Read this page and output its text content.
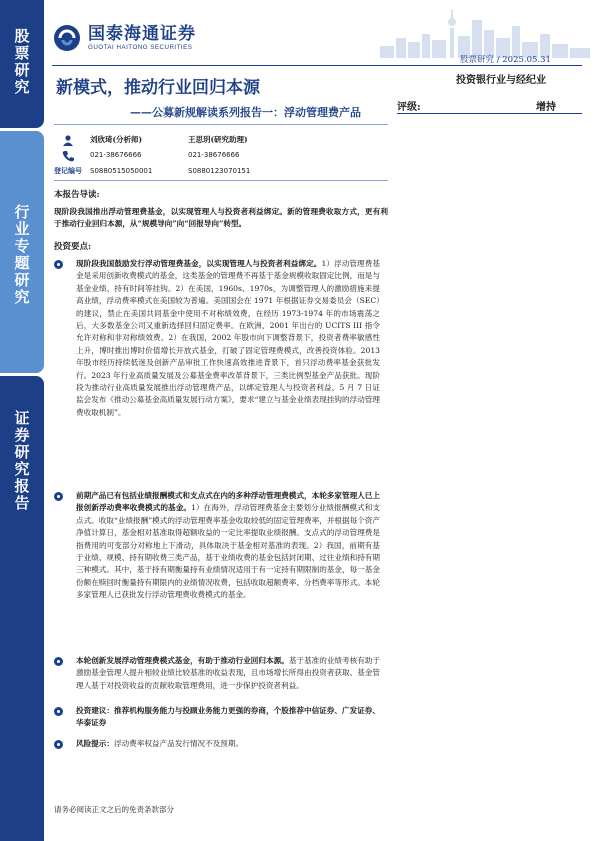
股
票
研
究
行
业
专
题
研
究
证
券
研
究
报
告
国泰海通证券
GUOTAI HAITONG SECURITIES
股票研究 / 2025.05.31
新模式，推动行业回归本源	投资银行业与经纪业
——公募新规解读系列报告一：浮动管理费产品	评级:	增持
刘欣琦(分析师)	王思玥(研究助理)
021-38676666	021-38676666
登记编号 S0880515050001	S0880123070151
本报告导读:
现阶段我国推出浮动管理费基金，以实现管理人与投资者利益绑定。新的管理费收取方式，更有利于推动行业回归本源，从“规模导向”向“回报导向”转型。
投资要点:
现阶段我国鼓励发行浮动管理费基金，以实现管理人与投资者利益绑定。1）浮动管理费基金是采用创新收费模式的基金，这类基金的管理费不再基于基金规模收取固定比例，而是与基金业绩、持有时间等挂钩。2）在美国，1960s、1970s，为调整管理人的激励措施来提高业绩，浮动费率模式在美国较为普遍。美国国会在 1971 年根据证券交易委员会（SEC）的建议，禁止在美国共同基金中使用不对称绩效费，在经历 1973-1974 年的市场震荡之后，大多数基金公司又重新选择回归固定费率。在欧洲，2001 年出台的 UCITS III 指令允许对称和非对称绩效费。2）在我国，2002 年股市向下调整背景下，投资者费率敏感性上升，博时推出博时价值增长开放式基金，打破了固定管理费模式，改善投资体验。2013 年股市经历持续低迷及创新产品审批工作快速高效推进背景下，首只浮动费率基金获批发行。2023 年行业高质量发展及公募基金费率改革背景下，三类比例型基金产品获批。现阶段为推动行业高质量发展推出浮动管理费产品，以绑定管理人与投资者利益，5 月 7 日证监会发布《推动公募基金高质量发展行动方案》，要求“建立与基金业绩表现挂钩的浮动管理费收取机制”。
前期产品已有包括业绩报酬模式和支点式在内的多种浮动管理费模式，本轮多家管理人已上报创新浮动费率收费模式的基金。1）在海外，浮动管理费基金主要划分业绩报酬模式和支点式。收取“业绩报酬”模式的浮动管理费率基金收取较低的固定管理费率，并根据每个资产净值计算日，基金相对基准取得超额收益的一定比率提取业绩报酬。支点式的浮动管理费是指费用的可变部分对称地上下滑动，具体取决于基金相对基准的表现。2）我国，前期有基于业绩、规模、持有期收费三类产品，基于业绩收费的基金包括封闭期、过往业绩和持有期三种模式。其中，基于持有期衡量持有业绩情况适用于有一定持有期限制的基金，每一基金份额在赎回时衡量持有期限内的业绩情况收费，包括收取超额费率、分档费率等形式。本轮多家管理人已获批发行浮动管理费收费模式的基金。
本轮创新发展浮动管理费模式基金，有助于推动行业回归本源。基于基准的业绩考核有助于激励基金管理人提升相较业绩比较基准的收益表现，且市场增长所得由投资者获取、基金管理人基于对投资收益的贡献收取管理费用，进一步保护投资者利益。
投资建议：推荐机构服务能力与投顾业务能力更强的券商，个股推荐中信证券、广发证券、华泰证券
风险提示：浮动费率权益产品发行情况不及预期。
请务必阅读正文之后的免责条款部分
